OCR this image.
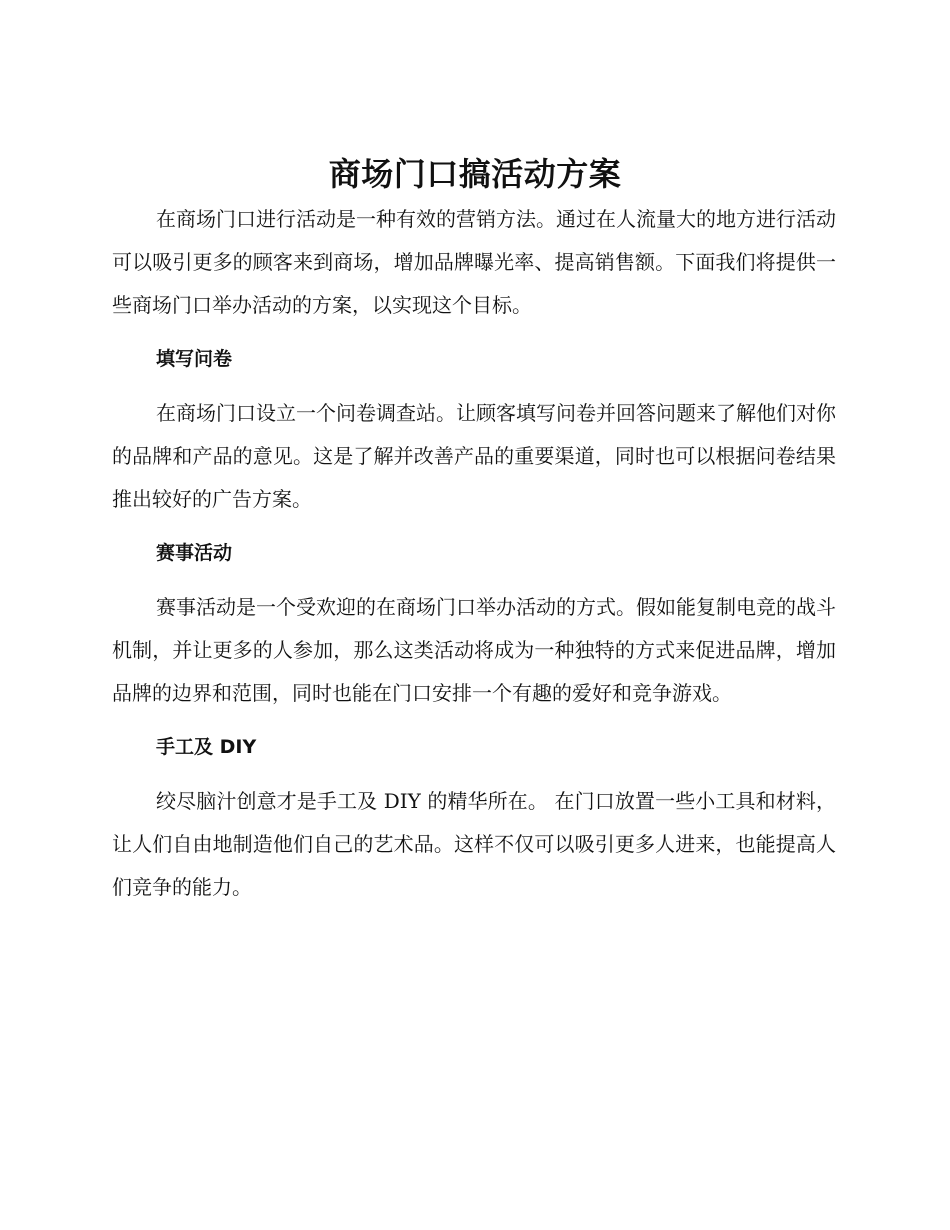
商场门口搞活动方案

在商场门口进行活动是一种有效的营销方法。通过在人流量大的地方进行活动可以吸引更多的顾客来到商场，增加品牌曝光率、提高销售额。下面我们将提供一些商场门口举办活动的方案，以实现这个目标。

填写问卷

在商场门口设立一个问卷调查站。让顾客填写问卷并回答问题来了解他们对你的品牌和产品的意见。这是了解并改善产品的重要渠道，同时也可以根据问卷结果推出较好的广告方案。

赛事活动

赛事活动是一个受欢迎的在商场门口举办活动的方式。假如能复制电竞的战斗机制，并让更多的人参加，那么这类活动将成为一种独特的方式来促进品牌，增加品牌的边界和范围，同时也能在门口安排一个有趣的爱好和竞争游戏。

手工及 DIY

绞尽脑汁创意才是手工及 DIY 的精华所在。 在门口放置一些小工具和材料，让人们自由地制造他们自己的艺术品。这样不仅可以吸引更多人进来，也能提高人们竞争的能力。
